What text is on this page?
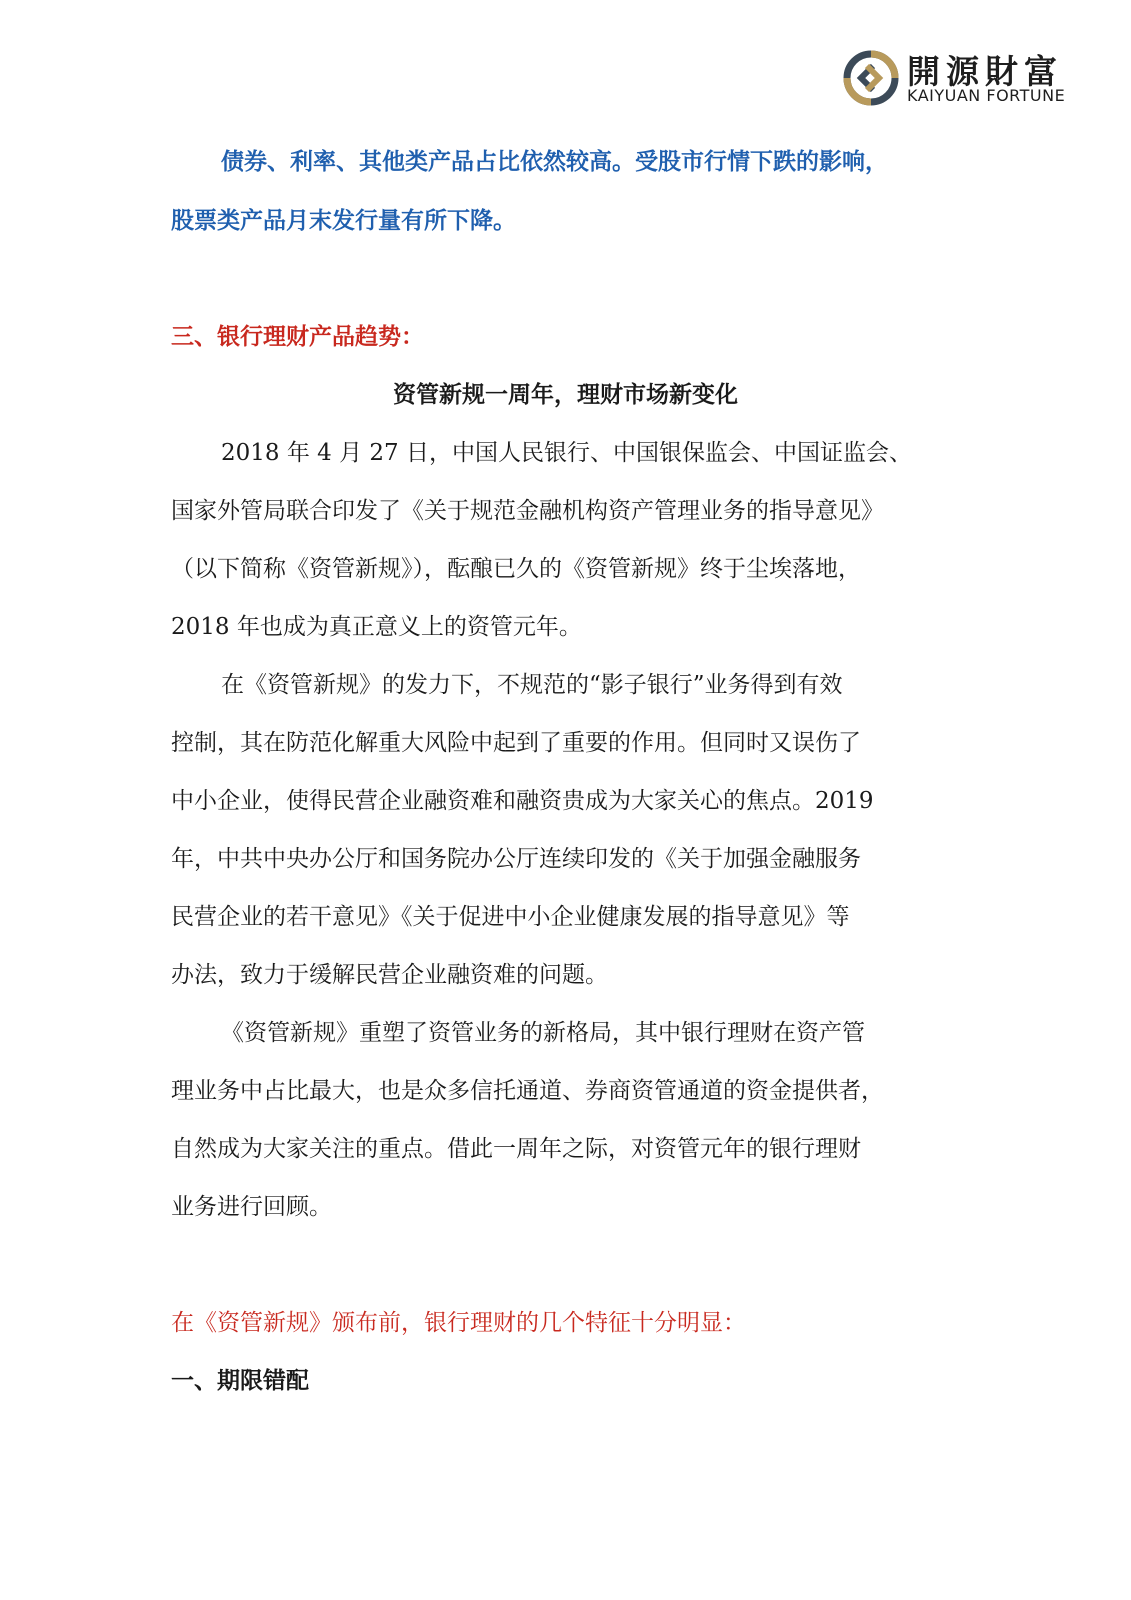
開源財富
KAIYUAN FORTUNE
债券、利率、其他类产品占比依然较高。受股市行情下跌的影响，
股票类产品月末发行量有所下降。
三、银行理财产品趋势：
资管新规一周年，理财市场新变化
2018 年 4 月 27 日，中国人民银行、中国银保监会、中国证监会、
国家外管局联合印发了《关于规范金融机构资产管理业务的指导意见》
（以下简称《资管新规》），酝酿已久的《资管新规》终于尘埃落地，
2018 年也成为真正意义上的资管元年。
在《资管新规》的发力下，不规范的“影子银行”业务得到有效
控制，其在防范化解重大风险中起到了重要的作用。但同时又误伤了
中小企业，使得民营企业融资难和融资贵成为大家关心的焦点。2019
年，中共中央办公厅和国务院办公厅连续印发的《关于加强金融服务
民营企业的若干意见》《关于促进中小企业健康发展的指导意见》等
办法，致力于缓解民营企业融资难的问题。
《资管新规》重塑了资管业务的新格局，其中银行理财在资产管
理业务中占比最大，也是众多信托通道、券商资管通道的资金提供者，
自然成为大家关注的重点。借此一周年之际，对资管元年的银行理财
业务进行回顾。
在《资管新规》颁布前，银行理财的几个特征十分明显：
一、期限错配
